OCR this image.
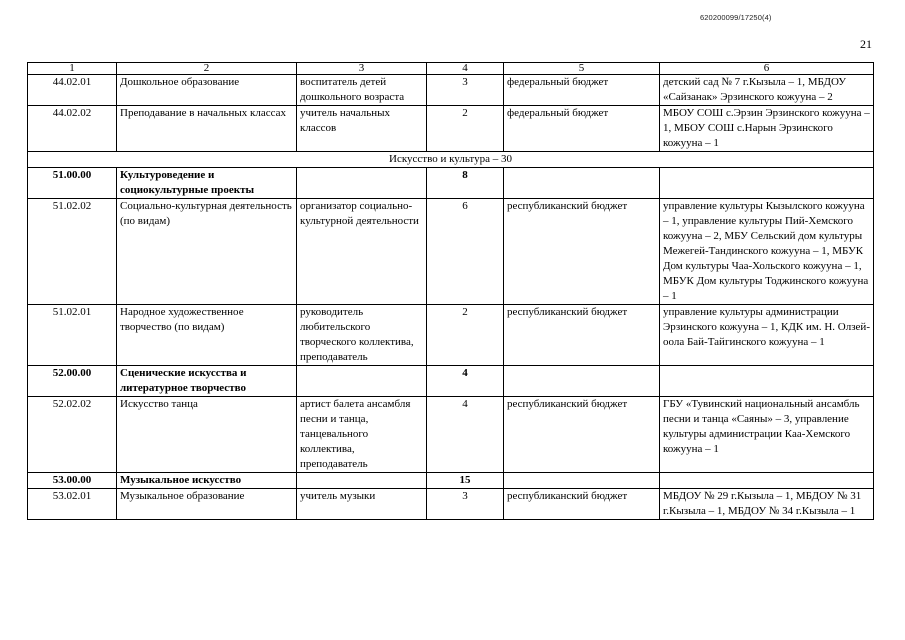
620200099/17250(4)
21
1	2	3	4	5	6
44.02.01	Дошкольное образование	воспитатель детей дошкольного возраста	3	федеральный бюджет	детский сад № 7 г.Кызыла – 1, МБДОУ «Сайзанак» Эрзинского кожууна – 2
44.02.02	Преподавание в начальных классах	учитель начальных классов	2	федеральный бюджет	МБОУ СОШ с.Эрзин Эрзинского кожууна – 1, МБОУ СОШ с.Нарын Эрзинского кожууна – 1
Искусство и культура – 30					
51.00.00	Культуроведение и социокультурные проекты		8		
51.02.02	Социально-культурная деятельность (по видам)	организатор социально-культурной деятельности	6	республиканский бюджет	управление культуры Кызылского кожууна – 1, управление культуры Пий-Хемского кожууна – 2, МБУ Сельский дом культуры Межегей-Тандинского кожууна – 1, МБУК Дом культуры Чаа-Хольского кожууна – 1, МБУК Дом культуры Тоджинского кожууна – 1
51.02.01	Народное художественное творчество (по видам)	руководитель любительского творческого коллектива, преподаватель	2	республиканский бюджет	управление культуры администрации Эрзинского кожууна – 1, КДК им. Н. Олзей-оола Бай-Тайгинского кожууна – 1
52.00.00	Сценические искусства и литературное творчество		4		
52.02.02	Искусство танца	артист балета ансамбля песни и танца, танцевального коллектива, преподаватель	4	республиканский бюджет	ГБУ «Тувинский национальный ансамбль песни и танца «Саяны» – 3, управление культуры администрации Каа-Хемского кожууна – 1
53.00.00	Музыкальное искусство		15		
53.02.01	Музыкальное образование	учитель музыки	3	республиканский бюджет	МБДОУ № 29 г.Кызыла – 1, МБДОУ № 31 г.Кызыла – 1, МБДОУ № 34 г.Кызыла – 1
